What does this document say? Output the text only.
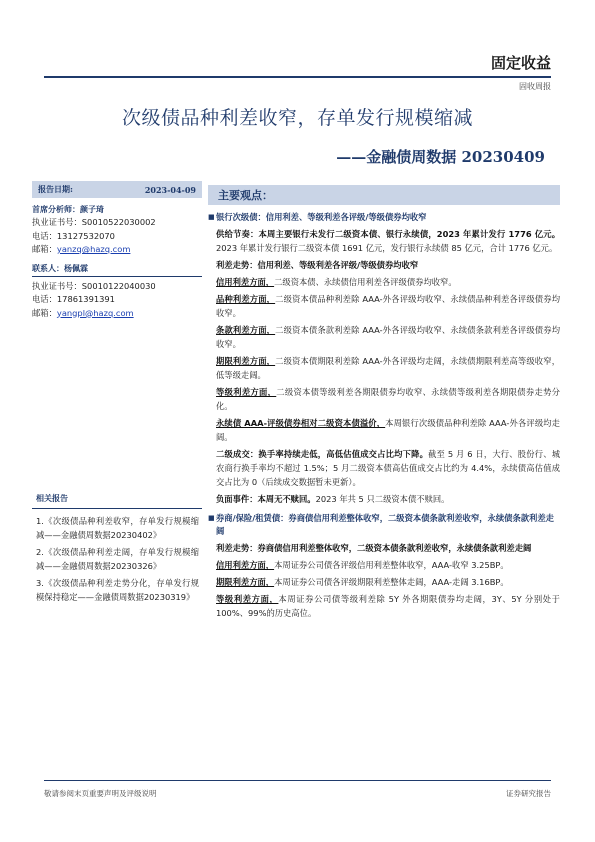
固定收益
固收周报
次级债品种利差收窄，存单发行规模缩减
——金融债周数据 20230409
报告日期:	2023-04-09
首席分析师：颜子琦
执业证书号：S0010522030002
电话：13127532070
邮箱：yanzq@hazq.com
联系人：杨佩霖
执业证书号：S0010122040030
电话：17861391391
邮箱：yangpl@hazq.com
相关报告
1.《次级债品种利差收窄，存单发行规模缩减——金融债周数据20230402》
2.《次级债品种利差走阔，存单发行规模缩减——金融债周数据20230326》
3.《次级债品种利差走势分化，存单发行规模保持稳定——金融债周数据20230319》
主要观点：
■ 银行次级债：信用利差、等级利差各评级/等级债券均收窄
供给节奏：本周主要银行未发行二级资本债、银行永续债，2023 年累计发行 1776 亿元。2023 年累计发行银行二级资本债 1691 亿元，发行银行永续债 85 亿元，合计 1776 亿元。
利差走势：信用利差、等级利差各评级/等级债券均收窄
信用利差方面，二级资本债、永续债信用利差各评级债券均收窄。
品种利差方面，二级资本债品种利差除 AAA-外各评级均收窄、永续债品种利差各评级债券均收窄。
条款利差方面，二级资本债条款利差除 AAA-外各评级均收窄、永续债条款利差各评级债券均收窄。
期限利差方面，二级资本债期限利差除 AAA-外各评级均走阔，永续债期限利差高等级收窄，低等级走阔。
等级利差方面，二级资本债等级利差各期限债券均收窄、永续债等级利差各期限债券走势分化。
永续债 AAA-评级债券相对二级资本债溢价，本周银行次级债品种利差除 AAA-外各评级均走阔。
二级成交：换手率持续走低，高低估值成交占比均下降。截至 5 月 6 日，大行、股份行、城农商行换手率均不超过 1.5%；5 月二级资本债高估值成交占比约为 4.4%，永续债高估值成交占比为 0（后续成交数据暂未更新）。
负面事件：本周无不赎回。2023 年共 5 只二级资本债不赎回。
■ 券商/保险/租赁债：券商债信用利差整体收窄，二级资本债条款利差收窄，永续债条款利差走阔
利差走势：券商债信用利差整体收窄，二级资本债条款利差收窄，永续债条款利差走阔
信用利差方面，本周证券公司债各评级信用利差整体收窄，AAA-收窄 3.25BP。
期限利差方面，本周证券公司债各评级期限利差整体走阔，AAA-走阔 3.16BP。
等级利差方面，本周证券公司债等级利差除 5Y 外各期限债券均走阔，3Y、5Y 分别处于 100%、99%的历史高位。
敬请参阅末页重要声明及评级说明	证券研究报告
